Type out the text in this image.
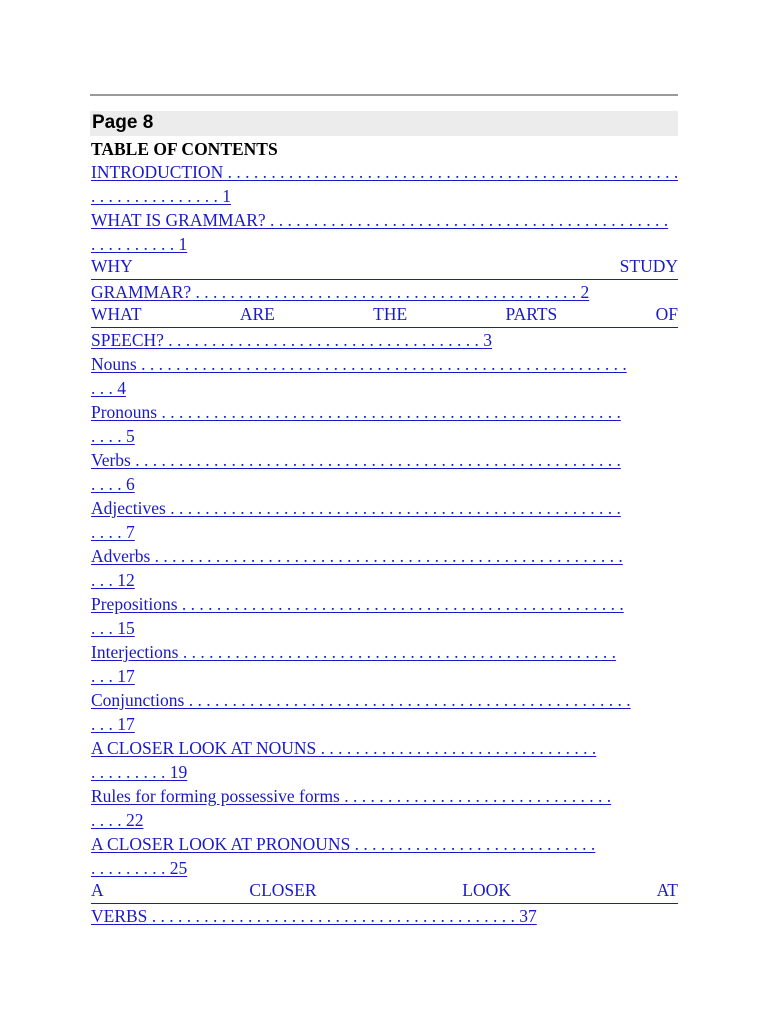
Page 8
TABLE OF CONTENTS
INTRODUCTION . . . . . . . . . . . . . . . . . . . . . . . . . . . . . . . . . . . . . . . . . . . . . . . . . . . .
. . . . . . . . . . . . . . . 1
WHAT IS GRAMMAR? . . . . . . . . . . . . . . . . . . . . . . . . . . . . . . . . . . . . . . . . . . . . . .
. . . . . . . . . . 1
WHY	STUDY
GRAMMAR? . . . . . . . . . . . . . . . . . . . . . . . . . . . . . . . . . . . . . . . . . . . . 2
WHAT	ARE	THE	PARTS	OF
SPEECH? . . . . . . . . . . . . . . . . . . . . . . . . . . . . . . . . . . . . 3
Nouns . . . . . . . . . . . . . . . . . . . . . . . . . . . . . . . . . . . . . . . . . . . . . . . . . . . . . . . .
. . . 4
Pronouns . . . . . . . . . . . . . . . . . . . . . . . . . . . . . . . . . . . . . . . . . . . . . . . . . . . . .
. . . . 5
Verbs . . . . . . . . . . . . . . . . . . . . . . . . . . . . . . . . . . . . . . . . . . . . . . . . . . . . . . . .
. . . . 6
Adjectives . . . . . . . . . . . . . . . . . . . . . . . . . . . . . . . . . . . . . . . . . . . . . . . . . . . .
. . . . 7
Adverbs . . . . . . . . . . . . . . . . . . . . . . . . . . . . . . . . . . . . . . . . . . . . . . . . . . . . . .
. . . 12
Prepositions . . . . . . . . . . . . . . . . . . . . . . . . . . . . . . . . . . . . . . . . . . . . . . . . . . .
. . . 15
Interjections . . . . . . . . . . . . . . . . . . . . . . . . . . . . . . . . . . . . . . . . . . . . . . . . . .
. . . 17
Conjunctions . . . . . . . . . . . . . . . . . . . . . . . . . . . . . . . . . . . . . . . . . . . . . . . . . . .
. . . 17
A CLOSER LOOK AT NOUNS . . . . . . . . . . . . . . . . . . . . . . . . . . . . . . . .
. . . . . . . . . 19
Rules for forming possessive forms . . . . . . . . . . . . . . . . . . . . . . . . . . . . . . .
. . . . 22
A CLOSER LOOK AT PRONOUNS . . . . . . . . . . . . . . . . . . . . . . . . . . . .
. . . . . . . . . 25
A	CLOSER	LOOK	AT
VERBS . . . . . . . . . . . . . . . . . . . . . . . . . . . . . . . . . . . . . . . . . . 37
